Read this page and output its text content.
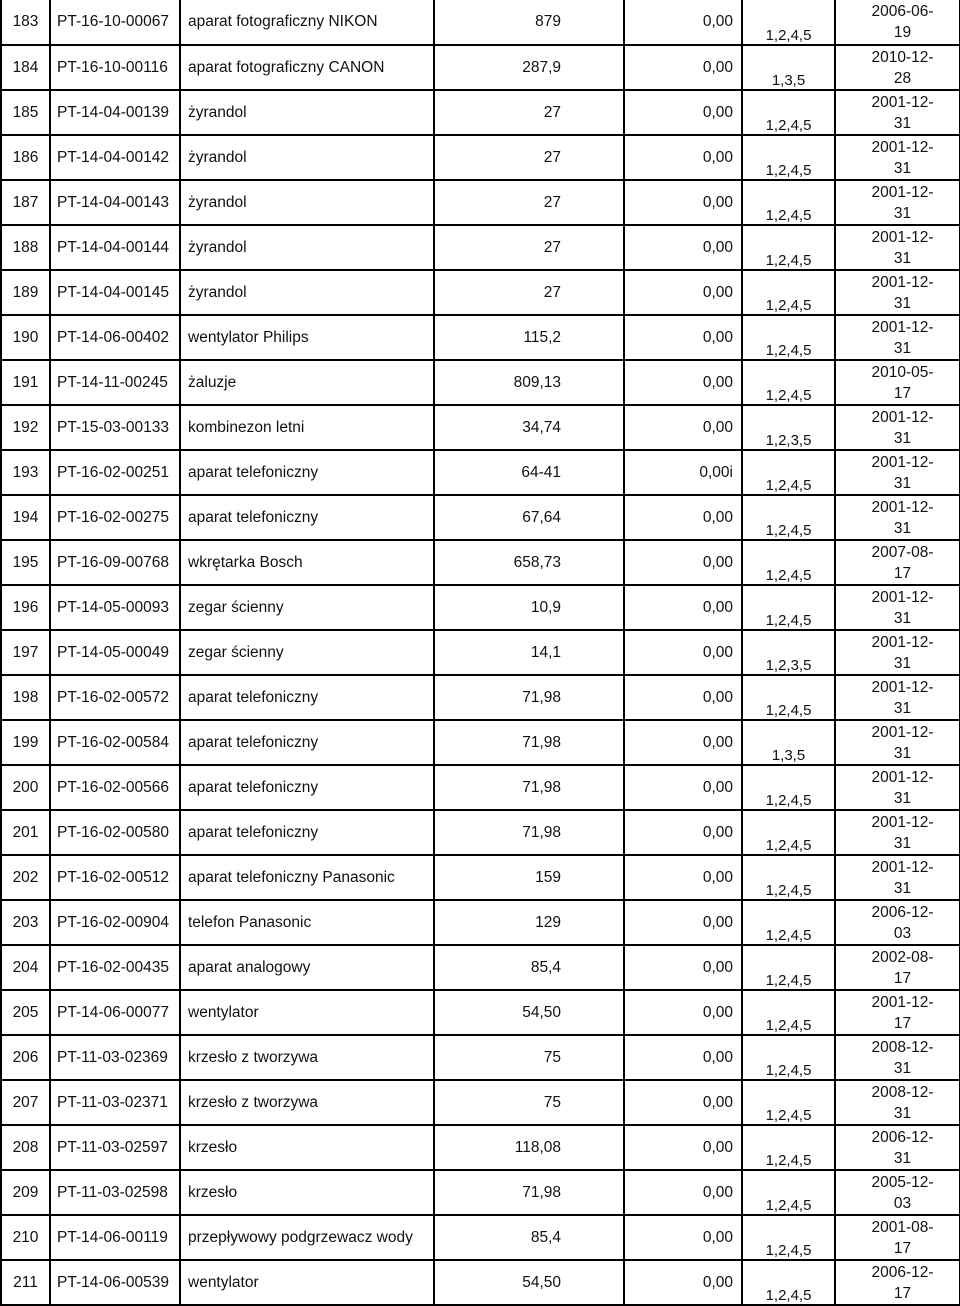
183	PT-16-10-00067	aparat fotograficzny NIKON	879	0,00	1,2,4,5	2006-06-
19
184	PT-16-10-00116	aparat fotograficzny CANON	287,9	0,00	1,3,5	2010-12-
28
185	PT-14-04-00139	żyrandol	27	0,00	1,2,4,5	2001-12-
31
186	PT-14-04-00142	żyrandol	27	0,00	1,2,4,5	2001-12-
31
187	PT-14-04-00143	żyrandol	27	0,00	1,2,4,5	2001-12-
31
188	PT-14-04-00144	żyrandol	27	0,00	1,2,4,5	2001-12-
31
189	PT-14-04-00145	żyrandol	27	0,00	1,2,4,5	2001-12-
31
190	PT-14-06-00402	wentylator Philips	115,2	0,00	1,2,4,5	2001-12-
31
191	PT-14-11-00245	żaluzje	809,13	0,00	1,2,4,5	2010-05-
17
192	PT-15-03-00133	kombinezon letni	34,74	0,00	1,2,3,5	2001-12-
31
193	PT-16-02-00251	aparat telefoniczny	64-41	0,00i	1,2,4,5	2001-12-
31
194	PT-16-02-00275	aparat telefoniczny	67,64	0,00	1,2,4,5	2001-12-
31
195	PT-16-09-00768	wkrętarka Bosch	658,73	0,00	1,2,4,5	2007-08-
17
196	PT-14-05-00093	zegar ścienny	10,9	0,00	1,2,4,5	2001-12-
31
197	PT-14-05-00049	zegar ścienny	14,1	0,00	1,2,3,5	2001-12-
31
198	PT-16-02-00572	aparat telefoniczny	71,98	0,00	1,2,4,5	2001-12-
31
199	PT-16-02-00584	aparat telefoniczny	71,98	0,00	1,3,5	2001-12-
31
200	PT-16-02-00566	aparat telefoniczny	71,98	0,00	1,2,4,5	2001-12-
31
201	PT-16-02-00580	aparat telefoniczny	71,98	0,00	1,2,4,5	2001-12-
31
202	PT-16-02-00512	aparat telefoniczny Panasonic	159	0,00	1,2,4,5	2001-12-
31
203	PT-16-02-00904	telefon Panasonic	129	0,00	1,2,4,5	2006-12-
03
204	PT-16-02-00435	aparat analogowy	85,4	0,00	1,2,4,5	2002-08-
17
205	PT-14-06-00077	wentylator	54,50	0,00	1,2,4,5	2001-12-
17
206	PT-11-03-02369	krzesło z tworzywa	75	0,00	1,2,4,5	2008-12-
31
207	PT-11-03-02371	krzesło z tworzywa	75	0,00	1,2,4,5	2008-12-
31
208	PT-11-03-02597	krzesło	118,08	0,00	1,2,4,5	2006-12-
31
209	PT-11-03-02598	krzesło	71,98	0,00	1,2,4,5	2005-12-
03
210	PT-14-06-00119	przepływowy podgrzewacz wody	85,4	0,00	1,2,4,5	2001-08-
17
211	PT-14-06-00539	wentylator	54,50	0,00	1,2,4,5	2006-12-
17
